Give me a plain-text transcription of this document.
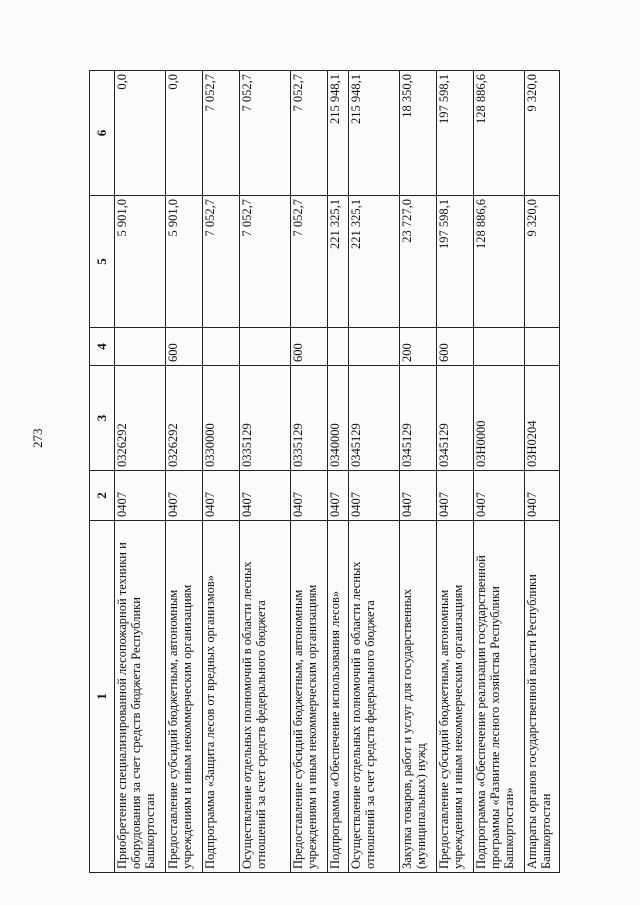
273
1	2	3	4	5	6
Приобретение специализированной лесопожарной техники и оборудования за счет средств бюджета Республики Башкортостан	0407	0326292		5 901,0	0,0
Предоставление субсидий бюджетным, автономным учреждениям и иным некоммерческим организациям	0407	0326292	600	5 901,0	0,0
Подпрограмма «Защита лесов от вредных организмов»	0407	0330000		7 052,7	7 052,7
Осуществление отдельных полномочий в области лесных отношений за счет средств федерального бюджета	0407	0335129		7 052,7	7 052,7
Предоставление субсидий бюджетным, автономным учреждениям и иным некоммерческим организациям	0407	0335129	600	7 052,7	7 052,7
Подпрограмма «Обеспечение использования лесов»	0407	0340000		221 325,1	215 948,1
Осуществление отдельных полномочий в области лесных отношений за счет средств федерального бюджета	0407	0345129		221 325,1	215 948,1
Закупка товаров, работ и услуг для государственных (муниципальных) нужд	0407	0345129	200	23 727,0	18 350,0
Предоставление субсидий бюджетным, автономным учреждениям и иным некоммерческим организациям	0407	0345129	600	197 598,1	197 598,1
Подпрограмма «Обеспечение реализации государственной программы «Развитие лесного хозяйства Республики Башкортостан»	0407	03Н0000		128 886,6	128 886,6
Аппараты органов государственной власти Республики Башкортостан	0407	03Н0204		9 320,0	9 320,0
